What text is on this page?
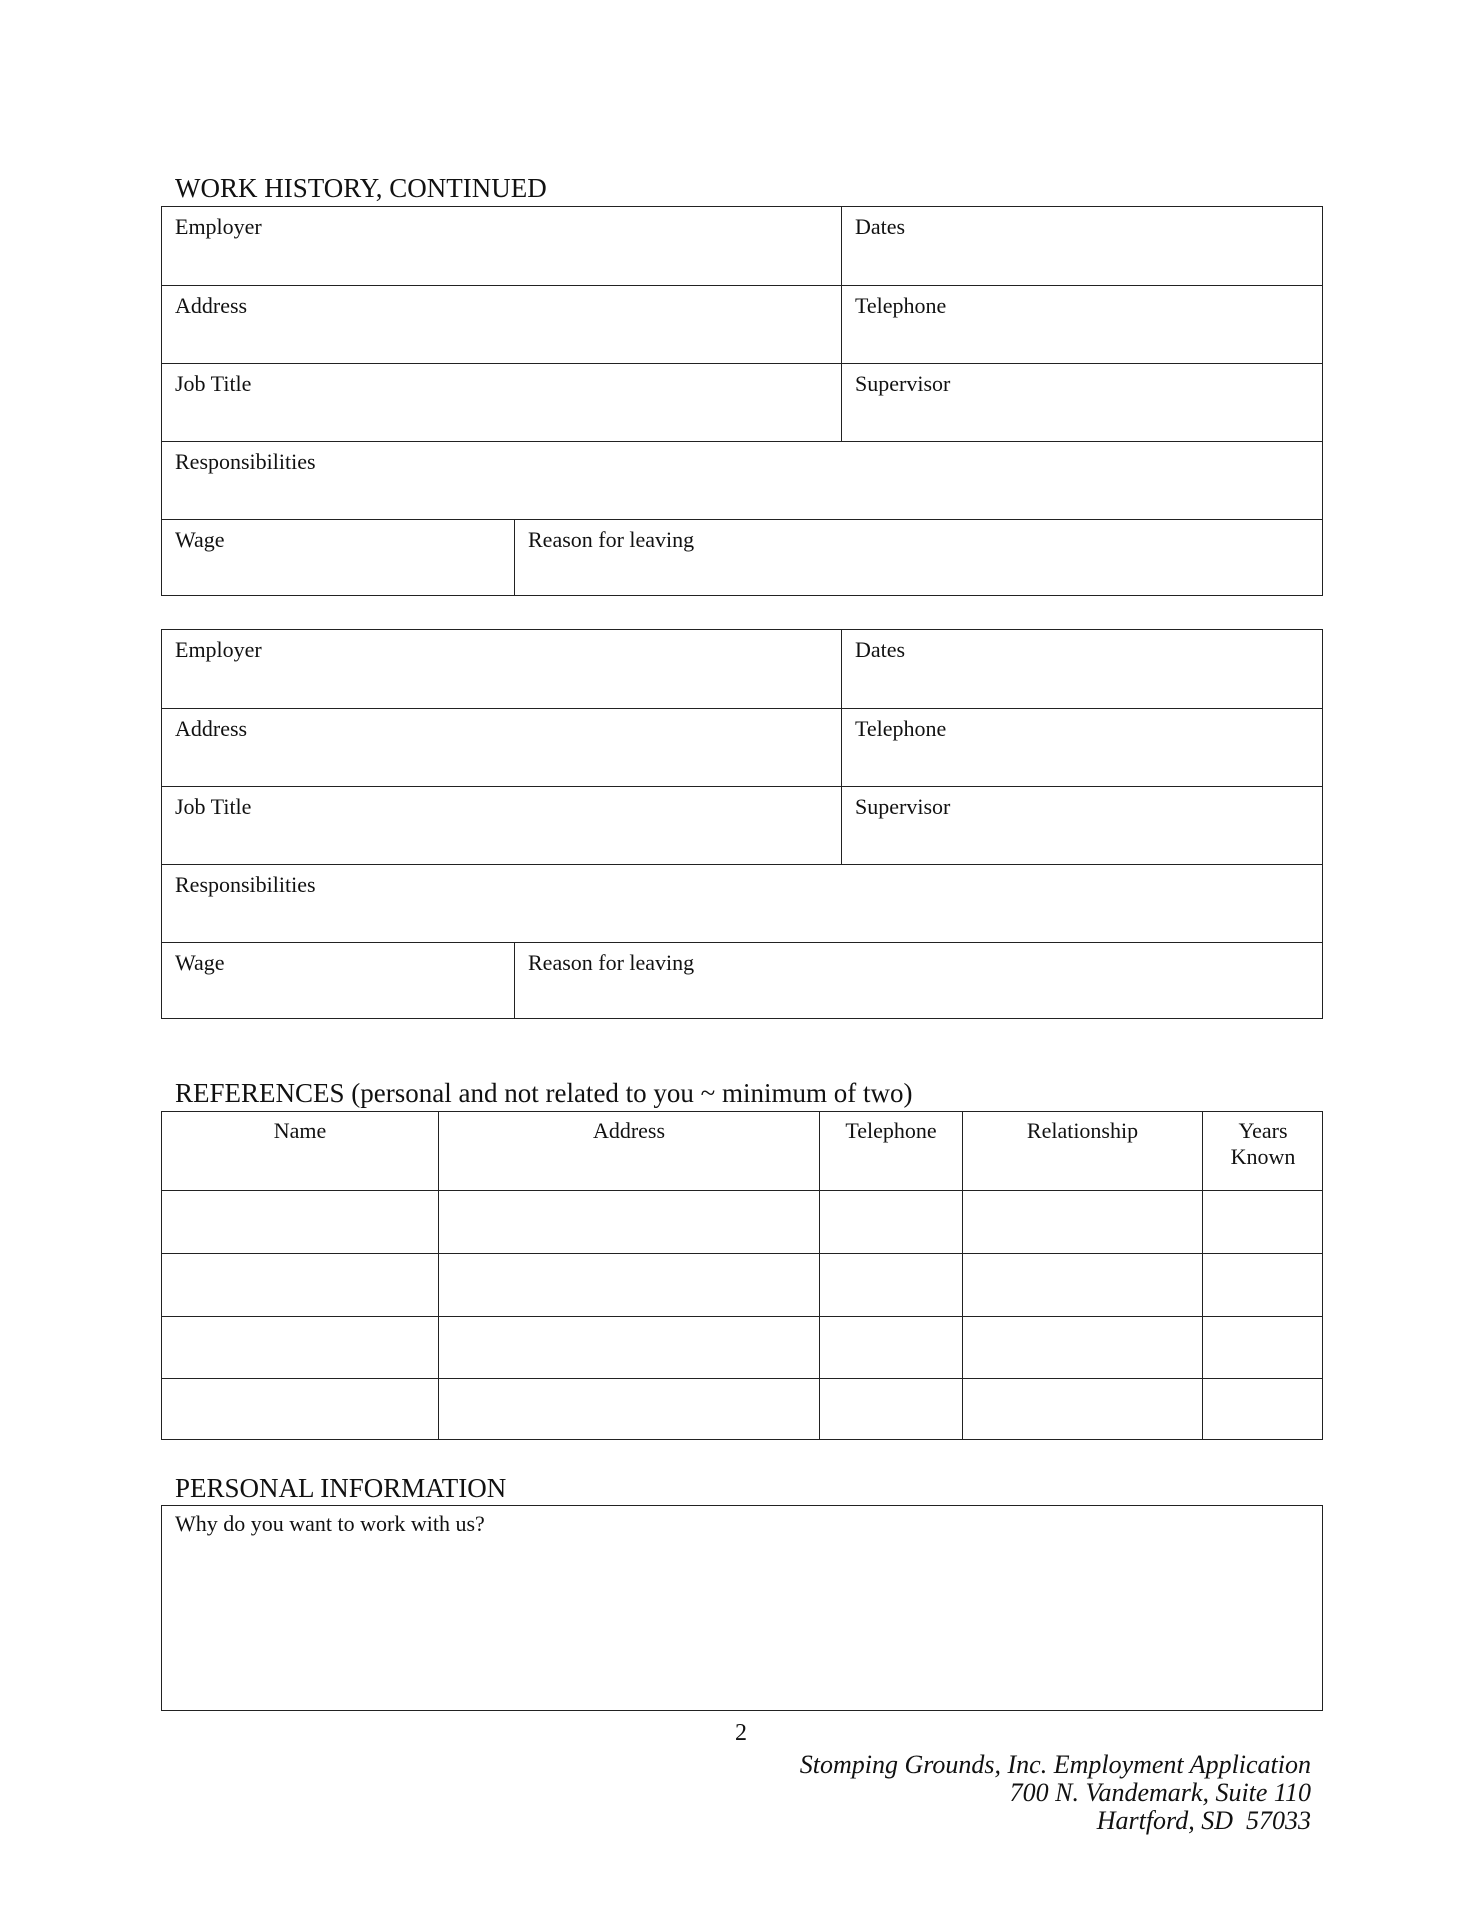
WORK HISTORY, CONTINUED
Employer	Dates
Address	Telephone
Job Title	Supervisor
Responsibilities
Wage	Reason for leaving
Employer	Dates
Address	Telephone
Job Title	Supervisor
Responsibilities
Wage	Reason for leaving
REFERENCES (personal and not related to you ~ minimum of two)
Name	Address	Telephone	Relationship	Years Known
PERSONAL INFORMATION
Why do you want to work with us?
2
Stomping Grounds, Inc. Employment Application
700 N. Vandemark, Suite 110
Hartford, SD  57033
